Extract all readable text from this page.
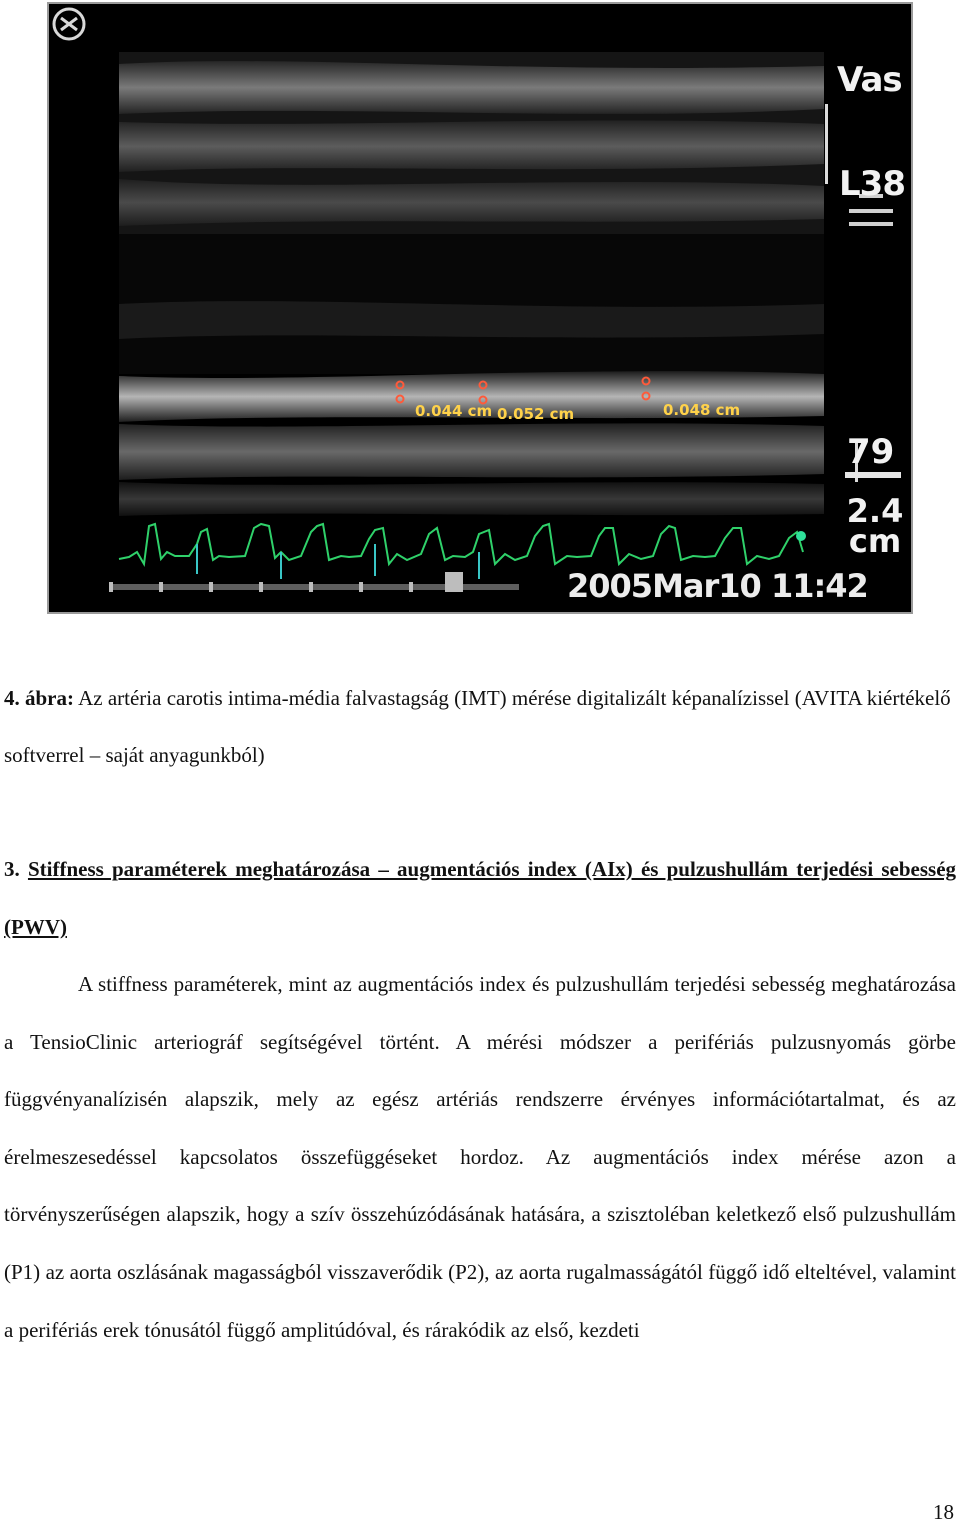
Vas
L38
79
2.4
cm
0.044 cm 0.052 cm	0.048 cm
2005Mar10 11:42
4. ábra: Az artéria carotis intima-média falvastagság (IMT) mérése digitalizált képanalízissel (AVITA kiértékelő softverrel – saját anyagunkból)
3. Stiffness paraméterek meghatározása – augmentációs index (AIx) és pulzushullám terjedési sebesség (PWV)
A stiffness paraméterek, mint az augmentációs index és pulzushullám terjedési sebesség meghatározása a TensioClinic arteriográf segítségével történt. A mérési módszer a perifériás pulzusnyomás görbe függvényanalízisén alapszik, mely az egész artériás rendszerre érvényes információtartalmat, és az érelmeszesedéssel kapcsolatos összefüggéseket hordoz. Az augmentációs index mérése azon a törvényszerűségen alapszik, hogy a szív összehúzódásának hatására, a szisztoléban keletkező első pulzushullám (P1) az aorta oszlásának magasságból visszaverődik (P2), az aorta rugalmasságától függő idő elteltével, valamint a perifériás erek tónusától függő amplitúdóval, és rárakódik az első, kezdeti
18
